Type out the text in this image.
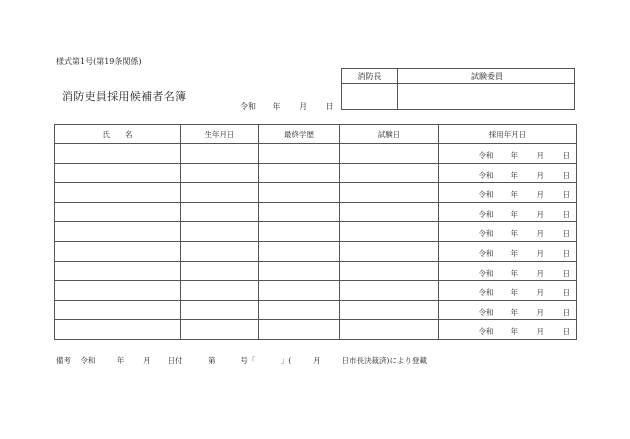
様式第1号(第19条関係)
消防吏員採用候補者名簿
令和 年 月 日
消防長	試験委員
氏　　名	生年月日	最終学歴	試験日	採用年月日

				令和 年 月 日

				令和 年 月 日

				令和 年 月 日

				令和 年 月 日

				令和 年 月 日

				令和 年 月 日

				令和 年 月 日

				令和 年 月 日

				令和 年 月 日

				令和 年 月 日
備考 令和	年	月 日付	第	号「	」(	月	日市長決裁済)により登載
